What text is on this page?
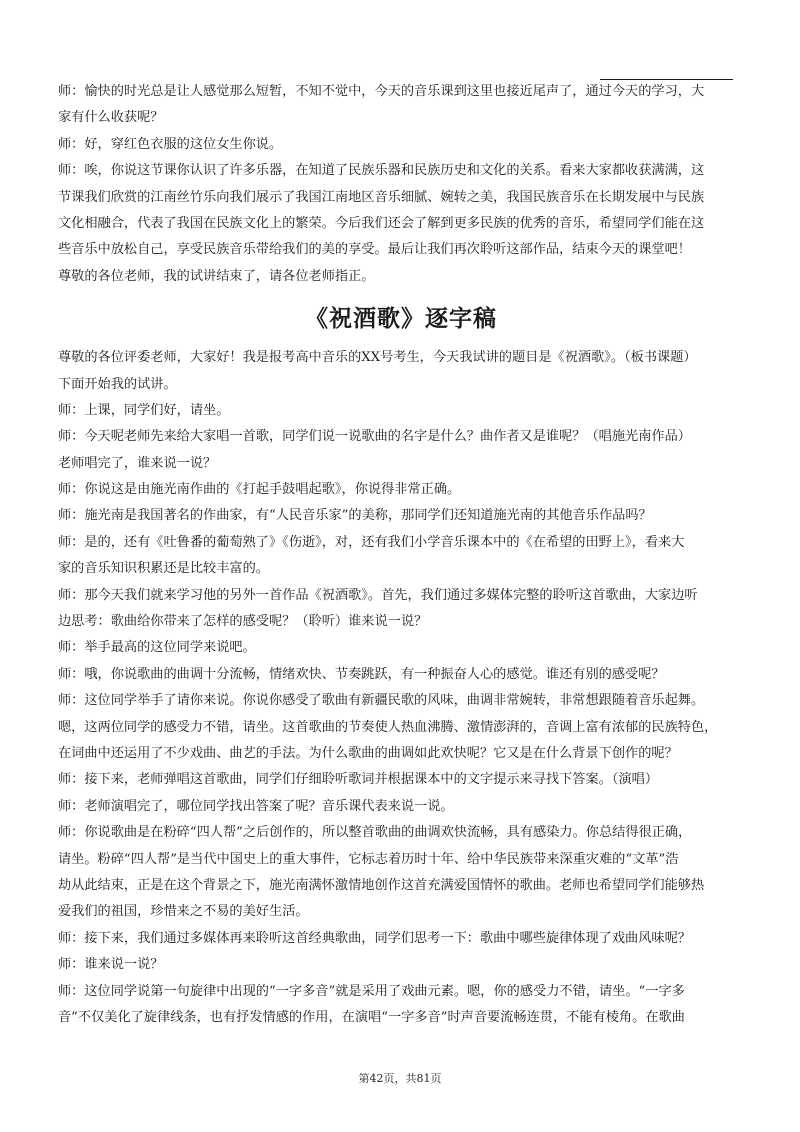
师：愉快的时光总是让人感觉那么短暂，不知不觉中，今天的音乐课到这里也接近尾声了，通过今天的学习，大
家有什么收获呢？
师：好，穿红色衣服的这位女生你说。
师：唉，你说这节课你认识了许多乐器，在知道了民族乐器和民族历史和文化的关系。看来大家都收获满满，这
节课我们欣赏的江南丝竹乐向我们展示了我国江南地区音乐细腻、婉转之美，我国民族音乐在长期发展中与民族
文化相融合，代表了我国在民族文化上的繁荣。今后我们还会了解到更多民族的优秀的音乐，希望同学们能在这
些音乐中放松自己，享受民族音乐带给我们的美的享受。最后让我们再次聆听这部作品，结束今天的课堂吧！
尊敬的各位老师，我的试讲结束了，请各位老师指正。
《祝酒歌》逐字稿
尊敬的各位评委老师，大家好！我是报考高中音乐的XX号考生，今天我试讲的题目是《祝酒歌》。（板书课题）
下面开始我的试讲。
师：上课，同学们好，请坐。
师：今天呢老师先来给大家唱一首歌，同学们说一说歌曲的名字是什么？曲作者又是谁呢？（唱施光南作品）
老师唱完了，谁来说一说？
师：你说这是由施光南作曲的《打起手鼓唱起歌》，你说得非常正确。
师：施光南是我国著名的作曲家，有“人民音乐家”的美称，那同学们还知道施光南的其他音乐作品吗？
师：是的，还有《吐鲁番的葡萄熟了》《伤逝》，对，还有我们小学音乐课本中的《在希望的田野上》，看来大
家的音乐知识积累还是比较丰富的。
师：那今天我们就来学习他的另外一首作品《祝酒歌》。首先，我们通过多媒体完整的聆听这首歌曲，大家边听
边思考：歌曲给你带来了怎样的感受呢？（聆听）谁来说一说？
师：举手最高的这位同学来说吧。
师：哦，你说歌曲的曲调十分流畅，情绪欢快、节奏跳跃，有一种振奋人心的感觉。谁还有别的感受呢？
师：这位同学举手了请你来说。你说你感受了歌曲有新疆民歌的风味，曲调非常婉转，非常想跟随着音乐起舞。
嗯，这两位同学的感受力不错，请坐。这首歌曲的节奏使人热血沸腾、激情澎湃的，音调上富有浓郁的民族特色，
在词曲中还运用了不少戏曲、曲艺的手法。为什么歌曲的曲调如此欢快呢？它又是在什么背景下创作的呢？
师：接下来，老师弹唱这首歌曲，同学们仔细聆听歌词并根据课本中的文字提示来寻找下答案。（演唱）
师：老师演唱完了，哪位同学找出答案了呢？音乐课代表来说一说。
师：你说歌曲是在粉碎“四人帮”之后创作的，所以整首歌曲的曲调欢快流畅，具有感染力。你总结得很正确，
请坐。粉碎“四人帮”是当代中国史上的重大事件，它标志着历时十年、给中华民族带来深重灾难的“文革”浩
劫从此结束，正是在这个背景之下，施光南满怀激情地创作这首充满爱国情怀的歌曲。老师也希望同学们能够热
爱我们的祖国，珍惜来之不易的美好生活。
师：接下来，我们通过多媒体再来聆听这首经典歌曲，同学们思考一下：歌曲中哪些旋律体现了戏曲风味呢？
师：谁来说一说？
师：这位同学说第一句旋律中出现的“一字多音”就是采用了戏曲元素。嗯，你的感受力不错，请坐。“一字多
音”不仅美化了旋律线条，也有抒发情感的作用，在演唱“一字多音”时声音要流畅连贯，不能有棱角。在歌曲
第42页，共81页
